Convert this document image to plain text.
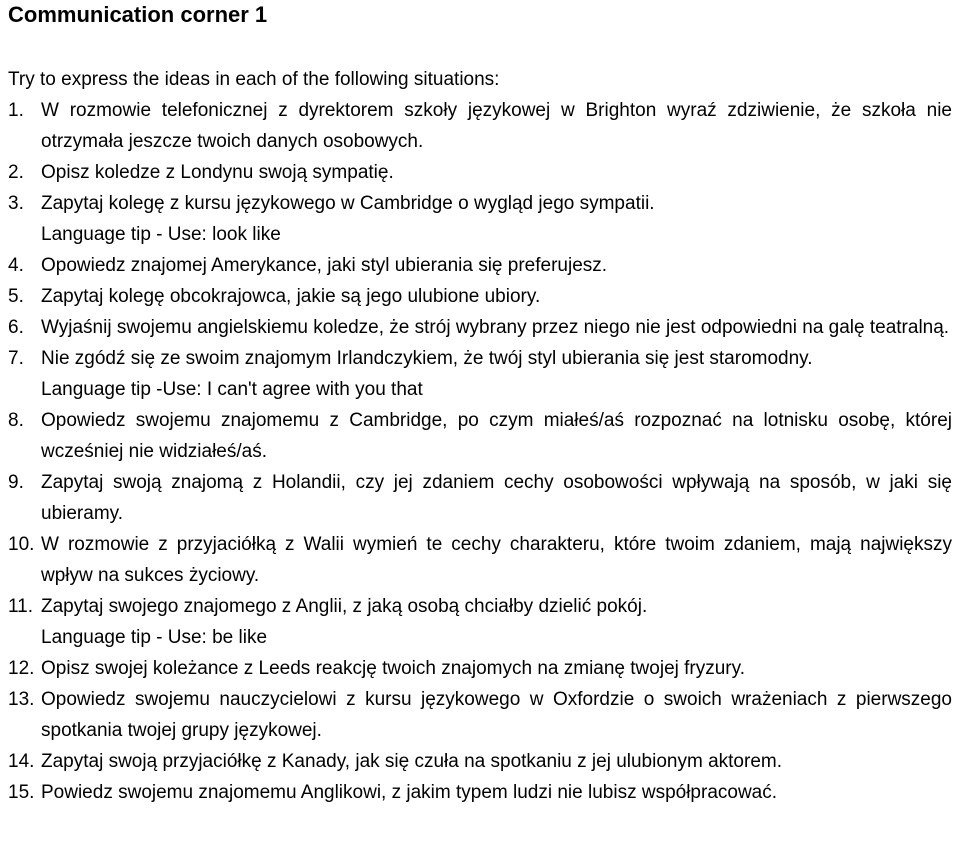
Communication corner 1
Try to express the ideas in each of the following situations:
1. W rozmowie telefonicznej z dyrektorem szkoły językowej w Brighton wyraź zdziwienie, że szkoła nie otrzymała jeszcze twoich danych osobowych.
2. Opisz koledze z Londynu swoją sympatię.
3. Zapytaj kolegę z kursu językowego w Cambridge o wygląd jego sympatii.
Language tip - Use: look like
4. Opowiedz znajomej Amerykance, jaki styl ubierania się preferujesz.
5. Zapytaj kolegę obcokrajowca, jakie są jego ulubione ubiory.
6. Wyjaśnij swojemu angielskiemu koledze, że strój wybrany przez niego nie jest odpowiedni na galę teatralną.
7. Nie zgódź się ze swoim znajomym Irlandczykiem, że twój styl ubierania się jest staromodny.
Language tip -Use: I can't agree with you that
8. Opowiedz swojemu znajomemu z Cambridge, po czym miałeś/aś rozpoznać na lotnisku osobę, której wcześniej nie widziałeś/aś.
9. Zapytaj swoją znajomą z Holandii, czy jej zdaniem cechy osobowości wpływają na sposób, w jaki się ubieramy.
10. W rozmowie z przyjaciółką z Walii wymień te cechy charakteru, które twoim zdaniem, mają największy wpływ na sukces życiowy.
11. Zapytaj swojego znajomego z Anglii, z jaką osobą chciałby dzielić pokój.
Language tip - Use: be like
12. Opisz swojej koleżance z Leeds reakcję twoich znajomych na zmianę twojej fryzury.
13. Opowiedz swojemu nauczycielowi z kursu językowego w Oxfordzie o swoich wrażeniach z pierwszego spotkania twojej grupy językowej.
14. Zapytaj swoją przyjaciółkę z Kanady, jak się czuła na spotkaniu z jej ulubionym aktorem.
15. Powiedz swojemu znajomemu Anglikowi, z jakim typem ludzi nie lubisz współpracować.
